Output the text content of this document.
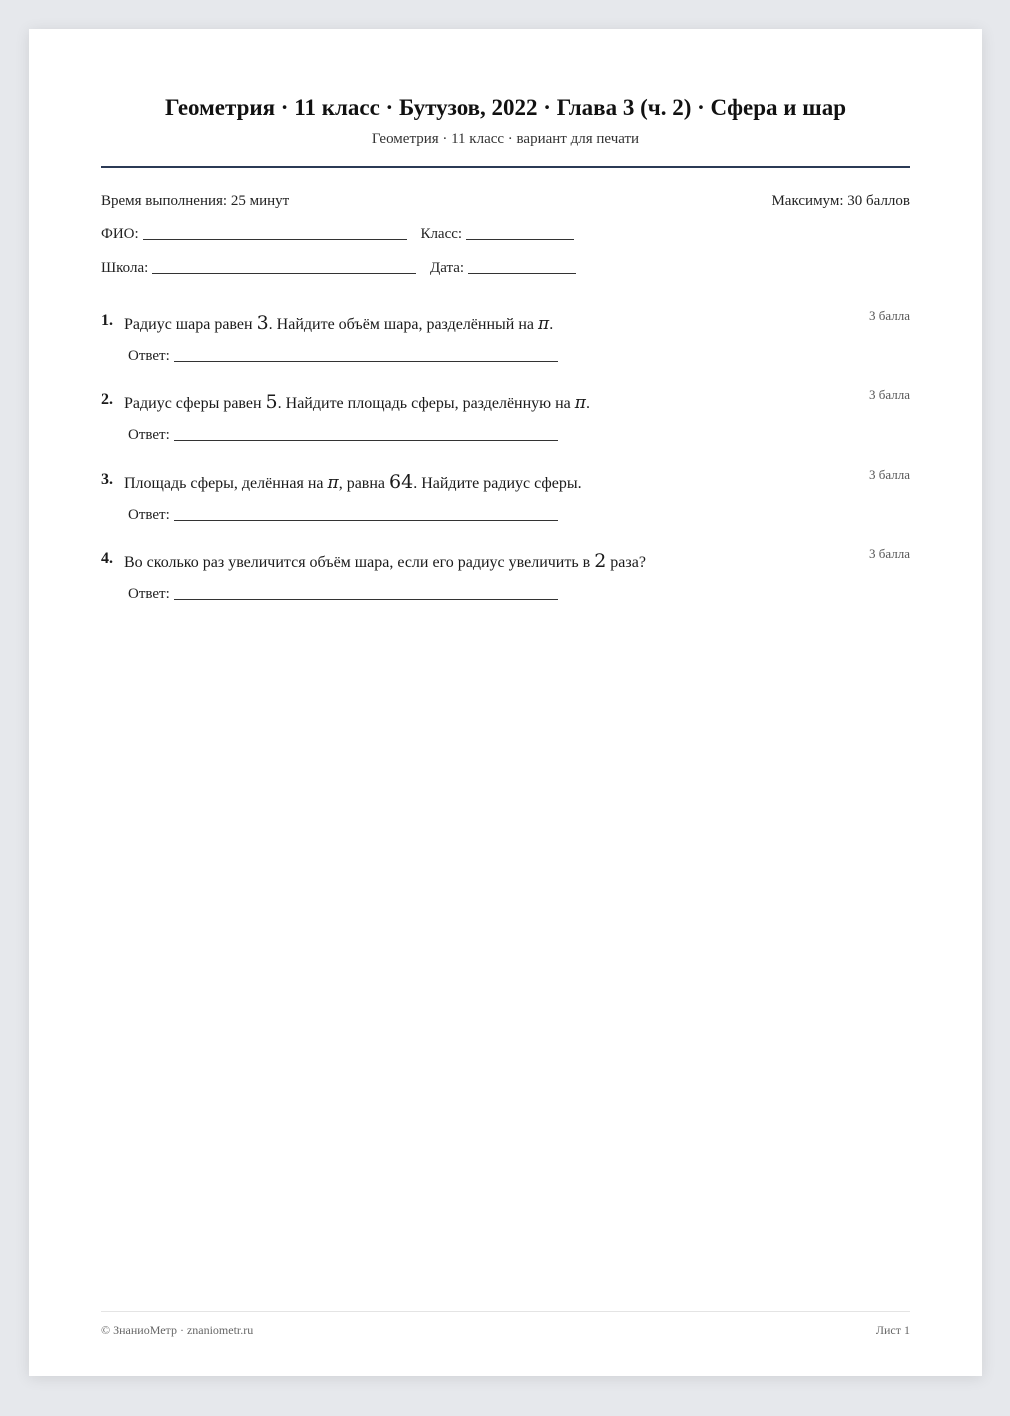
Геометрия · 11 класс · Бутузов, 2022 · Глава 3 (ч. 2) · Сфера и шар
Геометрия · 11 класс · вариант для печати
Время выполнения: 25 минут	Максимум: 30 баллов
ФИО:	Класс:
Школа:	Дата:
1. Радиус шара равен 3. Найдите объём шара, разделённый на π.
3 балла
Ответ:
2. Радиус сферы равен 5. Найдите площадь сферы, разделённую на π.
3 балла
Ответ:
3. Площадь сферы, делённая на π, равна 64. Найдите радиус сферы.
3 балла
Ответ:
4. Во сколько раз увеличится объём шара, если его радиус увеличить в 2 раза?
3 балла
Ответ:
© ЗнаниоМетр · znaniometr.ru	Лист 1
